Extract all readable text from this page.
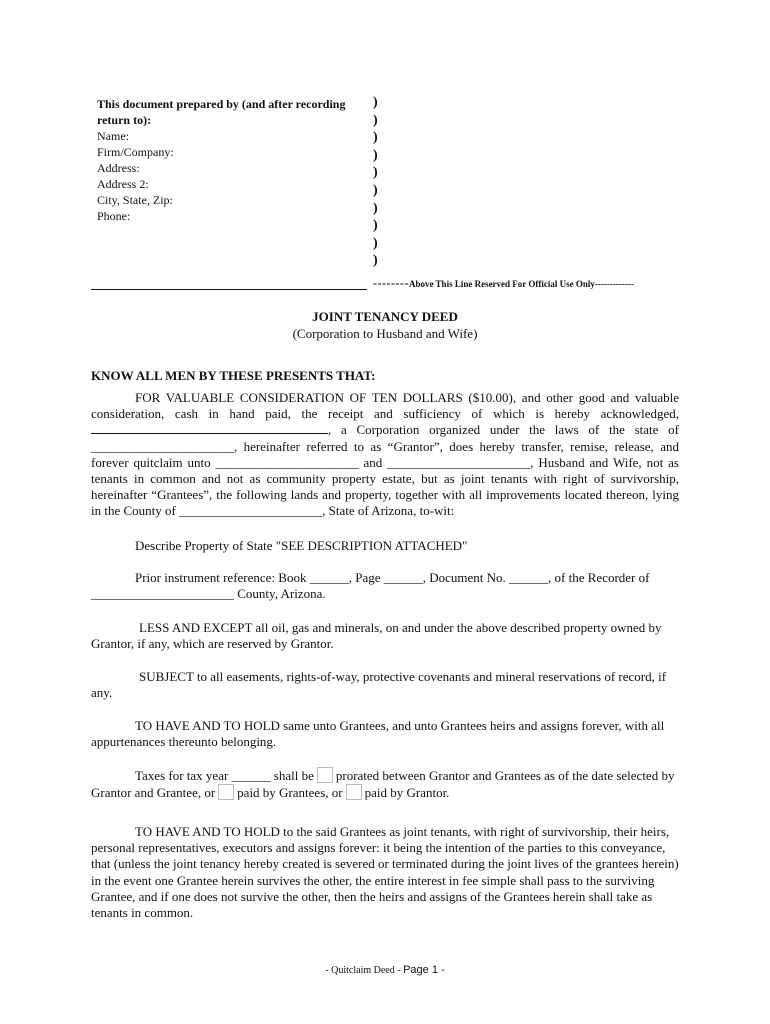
This document prepared by (and after recording return to):
Name:
Firm/Company:
Address:
Address 2:
City, State, Zip:
Phone:
)
)
)
)
)
)
)
)
)
)
--------Above This Line Reserved For Official Use Only-------------
JOINT TENANCY DEED
(Corporation to Husband and Wife)
KNOW ALL MEN BY THESE PRESENTS THAT:
FOR VALUABLE CONSIDERATION OF TEN DOLLARS ($10.00), and other good and valuable consideration, cash in hand paid, the receipt and sufficiency of which is hereby acknowledged, , a Corporation organized under the laws of the state of ______________________, hereinafter referred to as “Grantor”, does hereby transfer, remise, release, and forever quitclaim unto ______________________ and ______________________, Husband and Wife, not as tenants in common and not as community property estate, but as joint tenants with right of survivorship, hereinafter “Grantees”, the following lands and property, together with all improvements located thereon, lying in the County of ______________________, State of Arizona, to-wit:
Describe Property of State "SEE DESCRIPTION ATTACHED"
Prior instrument reference: Book ______, Page ______, Document No. ______, of the Recorder of ______________________ County, Arizona.
LESS AND EXCEPT all oil, gas and minerals, on and under the above described property owned by Grantor, if any, which are reserved by Grantor.
SUBJECT to all easements, rights-of-way, protective covenants and mineral reservations of record, if any.
TO HAVE AND TO HOLD same unto Grantees, and unto Grantees heirs and assigns forever, with all appurtenances thereunto belonging.
Taxes for tax year ______ shall be prorated between Grantor and Grantees as of the date selected by Grantor and Grantee, or paid by Grantees, or paid by Grantor.
TO HAVE AND TO HOLD to the said Grantees as joint tenants, with right of survivorship, their heirs, personal representatives, executors and assigns forever: it being the intention of the parties to this conveyance, that (unless the joint tenancy hereby created is severed or terminated during the joint lives of the grantees herein) in the event one Grantee herein survives the other, the entire interest in fee simple shall pass to the surviving Grantee, and if one does not survive the other, then the heirs and assigns of the Grantees herein shall take as tenants in common.
- Quitclaim Deed - Page 1 -
